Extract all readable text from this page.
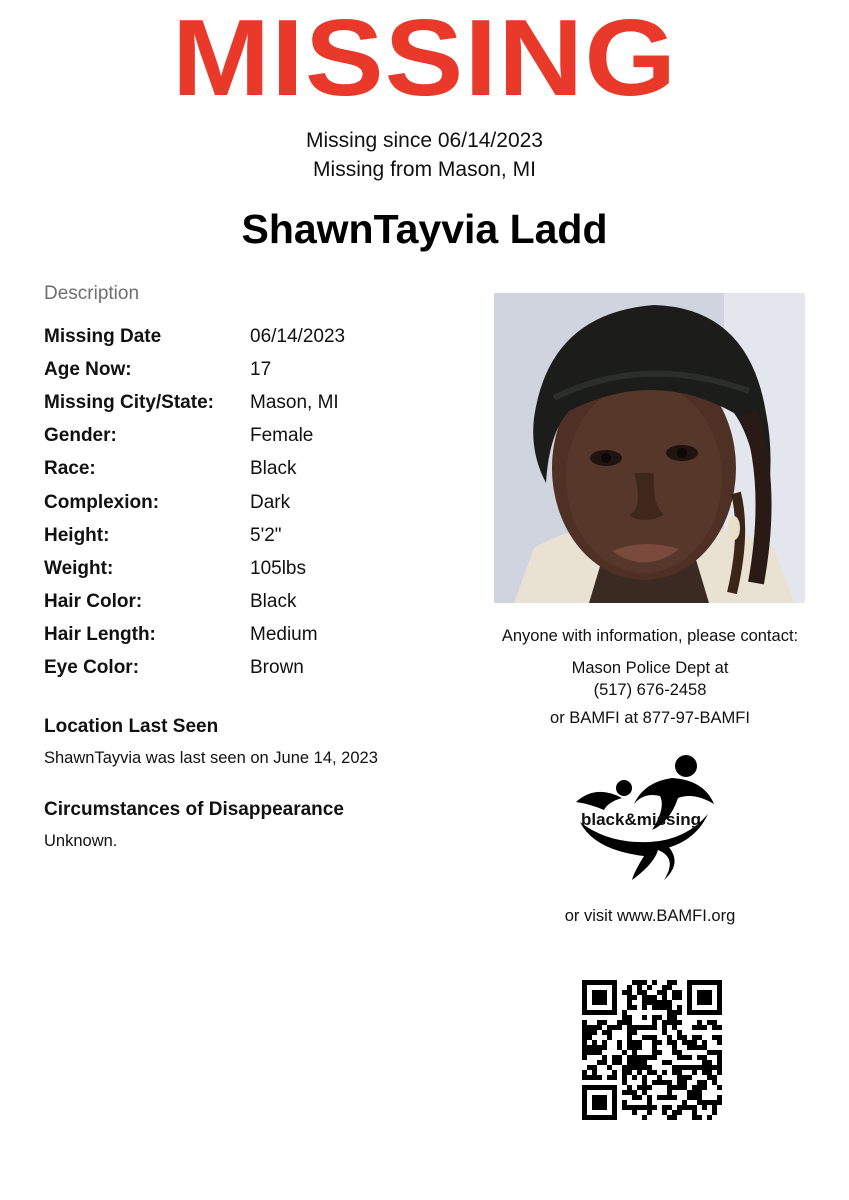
MISSING
Missing since 06/14/2023
Missing from Mason, MI
ShawnTayvia Ladd
Description
Missing Date	06/14/2023
Age Now:	17
Missing City/State:	Mason, MI
Gender:	Female
Race:	Black
Complexion:	Dark
Height:	5'2"
Weight:	105lbs
Hair Color:	Black
Hair Length:	Medium
Eye Color:	Brown
Location Last Seen
ShawnTayvia was last seen on June 14, 2023
Circumstances of Disappearance
Unknown.
Anyone with information, please contact:
Mason Police Dept at
(517) 676-2458
or BAMFI at 877-97-BAMFI
black&missing
or visit www.BAMFI.org
